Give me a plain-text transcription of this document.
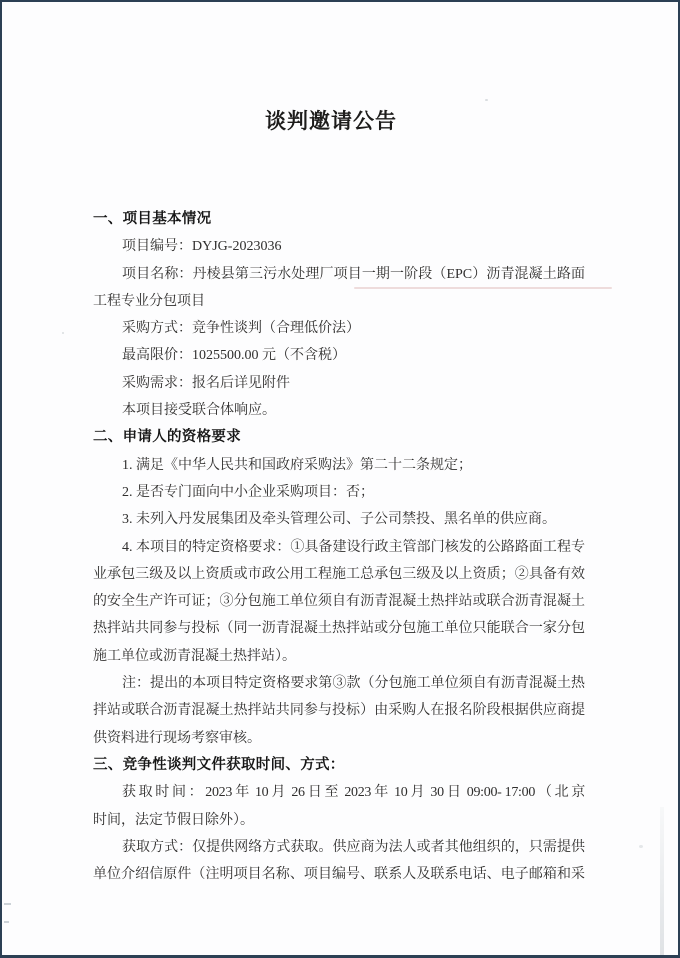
谈判邀请公告
一、项目基本情况
项目编号：DYJG-2023036
项目名称：丹棱县第三污水处理厂项目一期一阶段（EPC）沥青混凝土路面
工程专业分包项目
采购方式：竞争性谈判（合理低价法）
最高限价：1025500.00 元（不含税）
采购需求：报名后详见附件
本项目接受联合体响应。
二、申请人的资格要求
1. 满足《中华人民共和国政府采购法》第二十二条规定；
2. 是否专门面向中小企业采购项目：否；
3. 未列入丹发展集团及牵头管理公司、子公司禁投、黑名单的供应商。
4. 本项目的特定资格要求：①具备建设行政主管部门核发的公路路面工程专
业承包三级及以上资质或市政公用工程施工总承包三级及以上资质；②具备有效
的安全生产许可证；③分包施工单位须自有沥青混凝土热拌站或联合沥青混凝土
热拌站共同参与投标（同一沥青混凝土热拌站或分包施工单位只能联合一家分包
施工单位或沥青混凝土热拌站）。
注：提出的本项目特定资格要求第③款（分包施工单位须自有沥青混凝土热
拌站或联合沥青混凝土热拌站共同参与投标）由采购人在报名阶段根据供应商提
供资料进行现场考察审核。
三、竞争性谈判文件获取时间、方式：
获取时间：2023 年 10 月 26 日至 2023 年 10 月 30 日 09:00- 17:00（北京
时间，法定节假日除外）。
获取方式：仅提供网络方式获取。供应商为法人或者其他组织的，只需提供
单位介绍信原件（注明项目名称、项目编号、联系人及联系电话、电子邮箱和采
